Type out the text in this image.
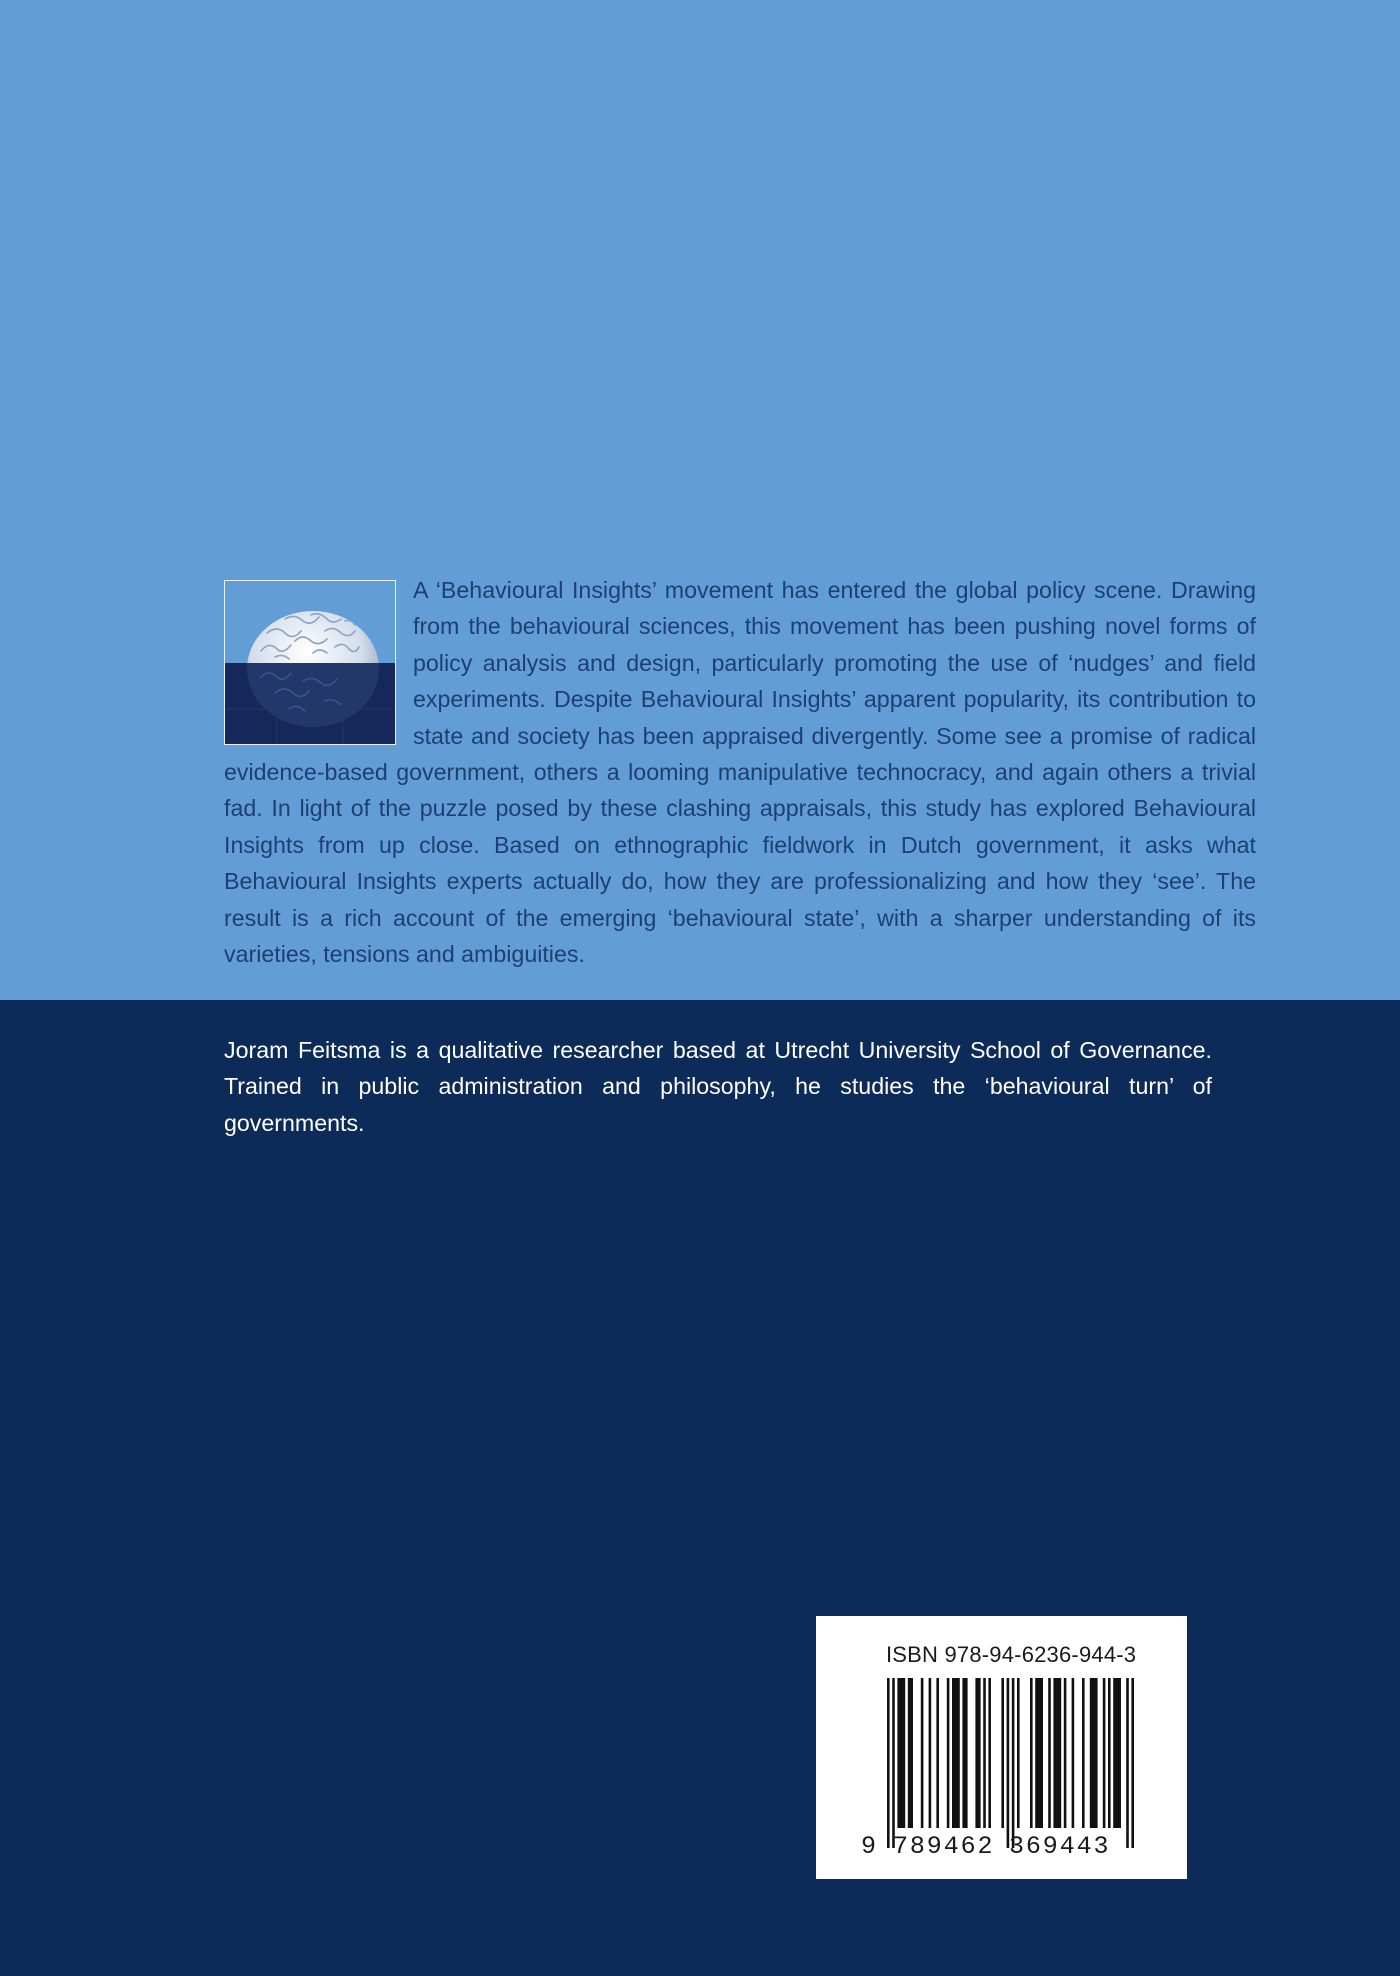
A ‘Behavioural Insights’ movement has entered the global policy scene. Drawing from the behavioural sciences, this movement has been pushing novel forms of policy analysis and design, particularly promoting the use of ‘nudges’ and field experiments. Despite Behavioural Insights’ apparent popularity, its contribution to state and society has been appraised divergently. Some see a promise of radical evidence-based government, others a looming manipulative technocracy, and again others a trivial fad. In light of the puzzle posed by these clashing appraisals, this study has explored Behavioural Insights from up close. Based on ethnographic fieldwork in Dutch government, it asks what Behavioural Insights experts actually do, how they are professionalizing and how they ‘see’. The result is a rich account of the emerging ‘behavioural state’, with a sharper understanding of its varieties, tensions and ambiguities.

Joram Feitsma is a qualitative researcher based at Utrecht University School of Governance. Trained in public administration and philosophy, he studies the ‘behavioural turn’ of governments.

ISBN 978-94-6236-944-3
9 789462 369443
